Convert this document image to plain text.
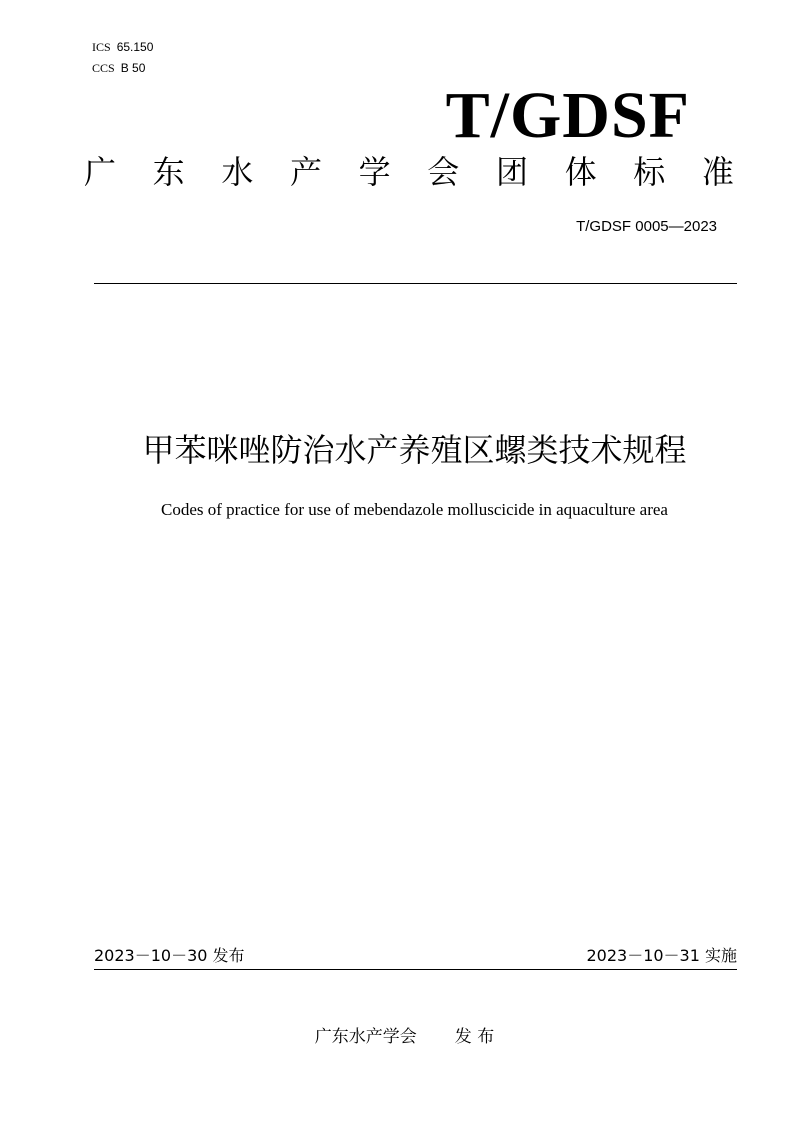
ICS 65.150
CCS B 50
T/GDSF
广 东 水 产 学 会 团 体 标 准
T/GDSF 0005—2023
甲苯咪唑防治水产养殖区螺类技术规程
Codes of practice for use of mebendazole molluscicide in aquaculture area
2023－10－30 发布	2023－10－31 实施
广东水产学会 发 布
